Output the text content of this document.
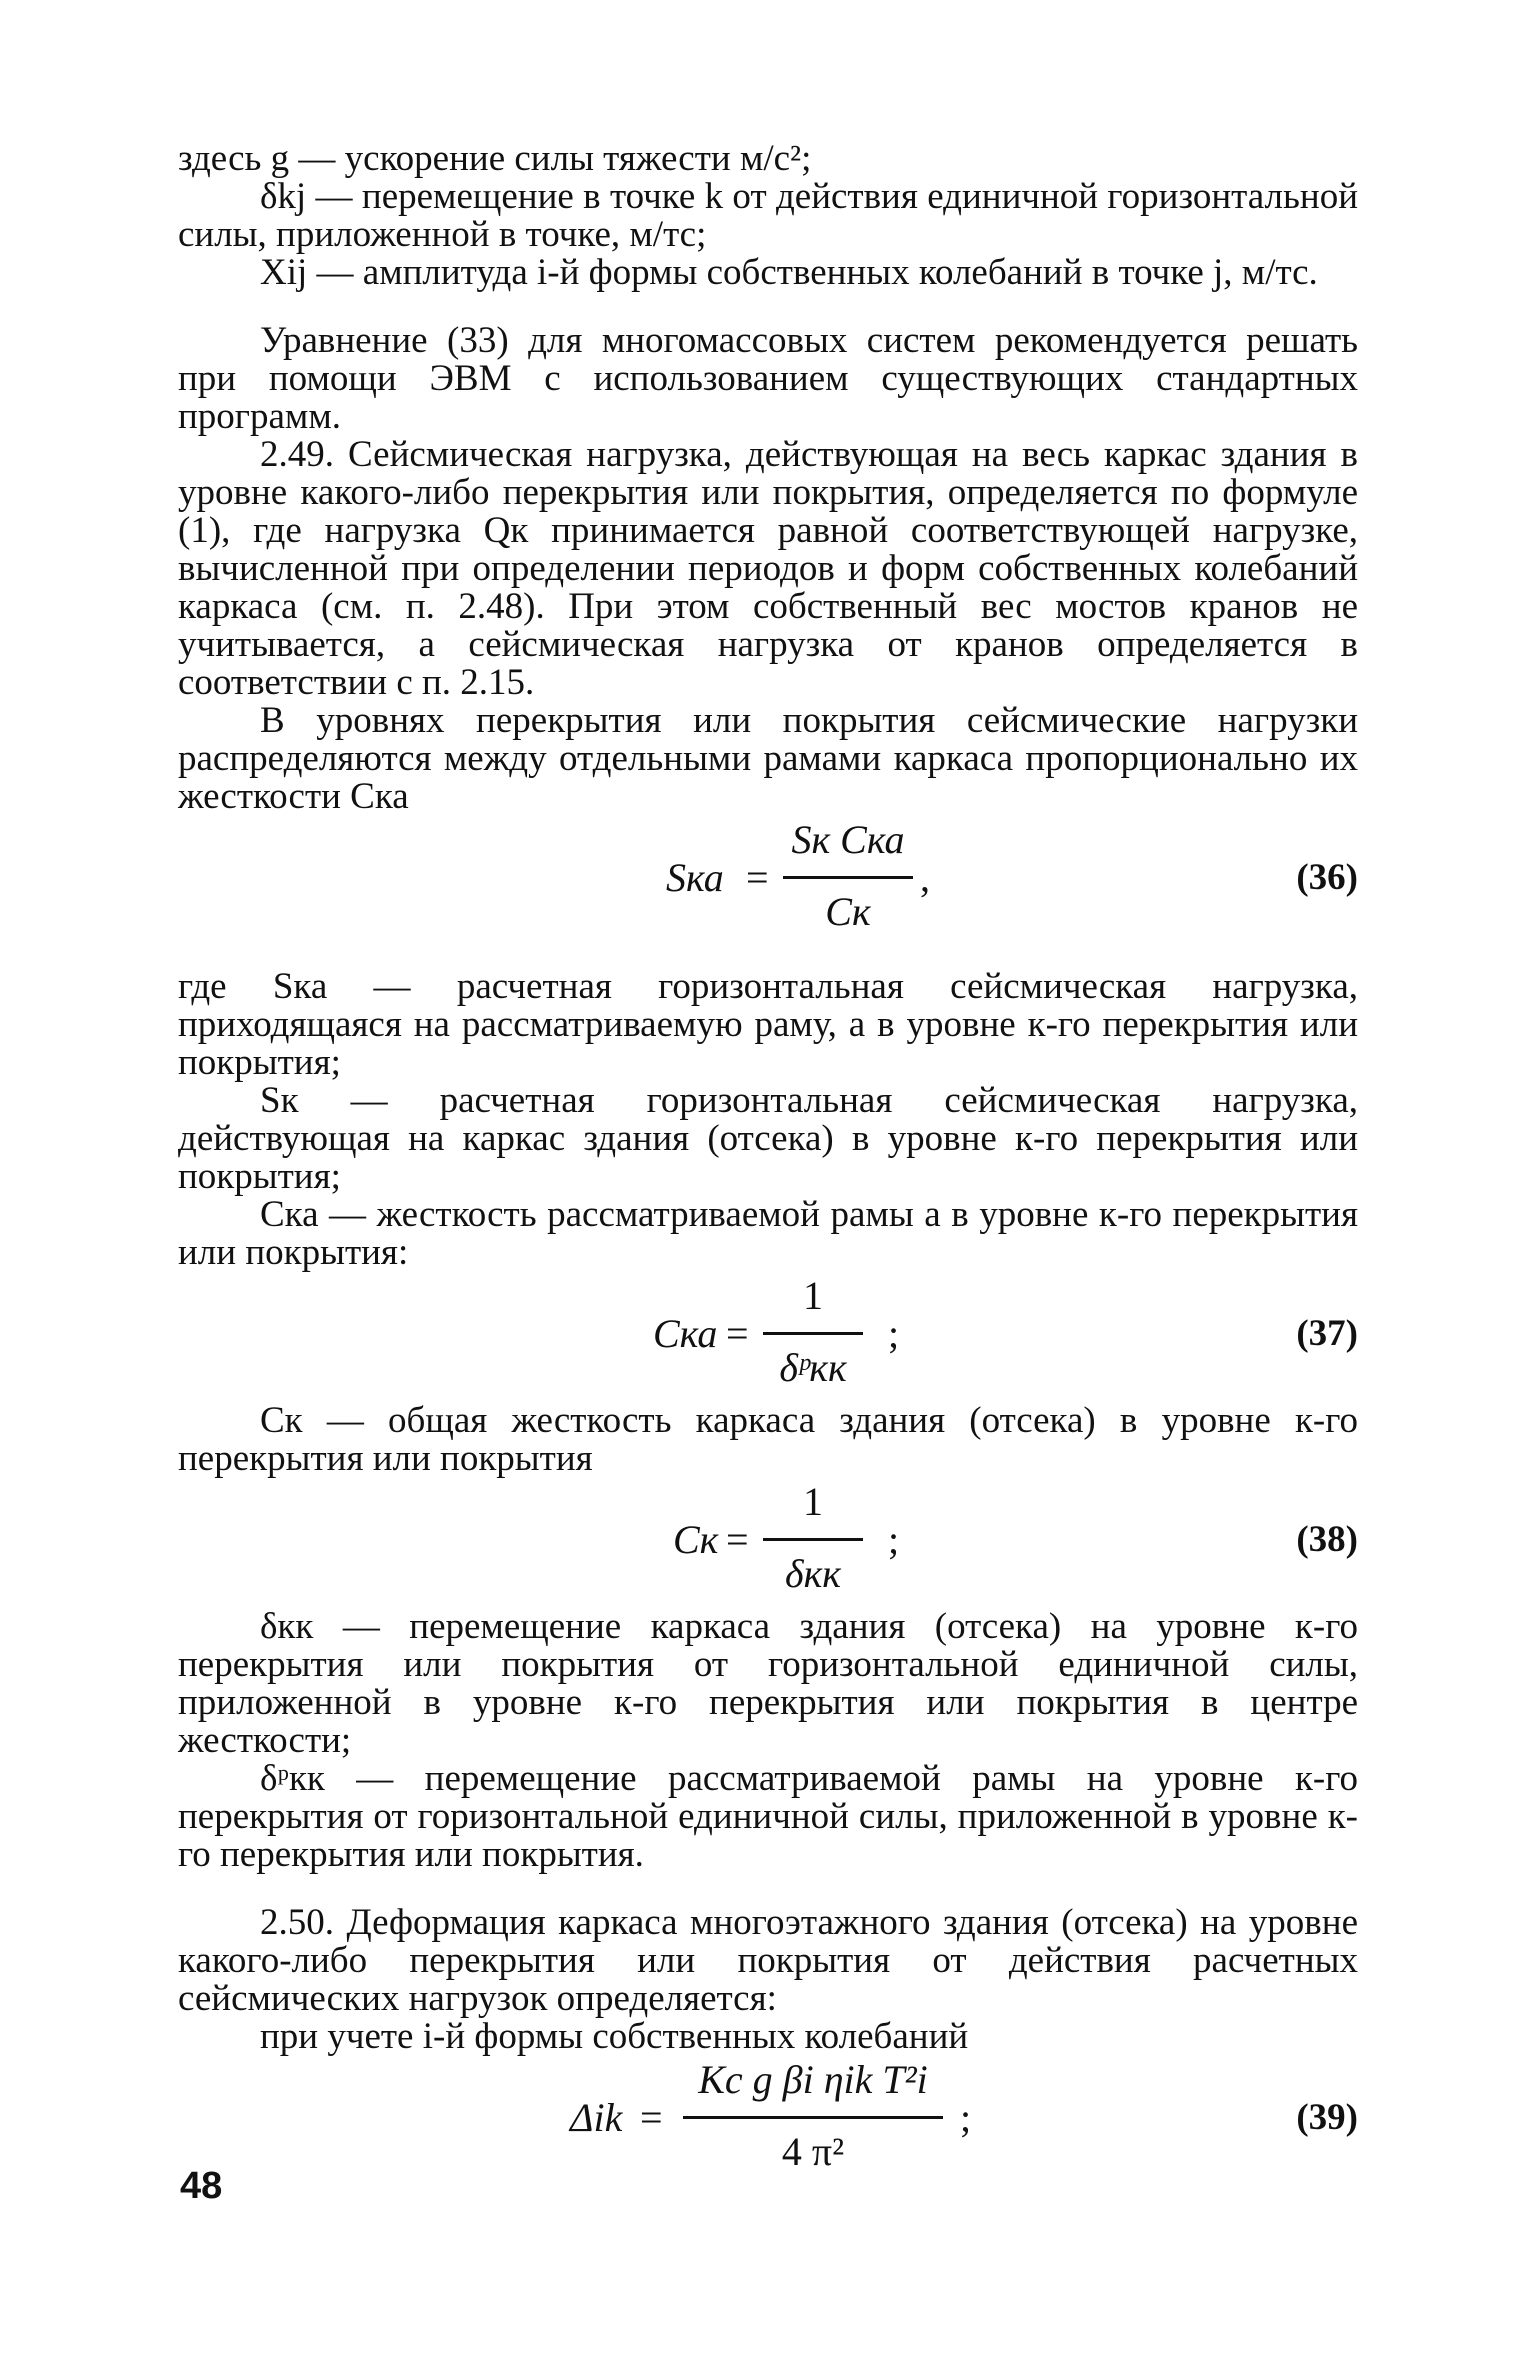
здесь g — ускорение силы тяжести м/с²;

δkj — перемещение в точке k от действия единичной горизонтальной силы, приложенной в точке, м/тс;

Xij — амплитуда i-й формы собственных колебаний в точке j, м/тс.

Уравнение (33) для многомассовых систем рекомендуется решать при помощи ЭВМ с использованием существующих стандартных программ.

2.49. Сейсмическая нагрузка, действующая на весь каркас здания в уровне какого-либо перекрытия или покрытия, определяется по формуле (1), где нагрузка Qк принимается равной соответствующей нагрузке, вычисленной при определении периодов и форм собственных колебаний каркаса (см. п. 2.48). При этом собственный вес мостов кранов не учитывается, а сейсмическая нагрузка от кранов определяется в соответствии с п. 2.15.

В уровнях перекрытия или покрытия сейсмические нагрузки распределяются между отдельными рамами каркаса пропорционально их жесткости Cка

Sка =
Sк Cка
Cк
,	(36)

где Sка — расчетная горизонтальная сейсмическая нагрузка, приходящаяся на рассматриваемую раму, а в уровне к-го перекрытия или покрытия;

Sк — расчетная горизонтальная сейсмическая нагрузка, действующая на каркас здания (отсека) в уровне к-го перекрытия или покрытия;

Cка — жесткость рассматриваемой рамы a в уровне к-го перекрытия или покрытия:

Cка =
1
δᵖкк
;	(37)

Cк — общая жесткость каркаса здания (отсека) в уровне к-го перекрытия или покрытия

Cк =
1
δкк
;	(38)

δкк — перемещение каркаса здания (отсека) на уровне к-го перекрытия или покрытия от горизонтальной единичной силы, приложенной в уровне к-го перекрытия или покрытия в центре жесткости;

δᵖкк — перемещение рассматриваемой рамы на уровне к-го перекрытия от горизонтальной единичной силы, приложенной в уровне к-го перекрытия или покрытия.

2.50. Деформация каркаса многоэтажного здания (отсека) на уровне какого-либо перекрытия или покрытия от действия расчетных сейсмических нагрузок определяется:

при учете i-й формы собственных колебаний

Δik =
Kс g βi ηik T²i
4 π²
;	(39)
48
